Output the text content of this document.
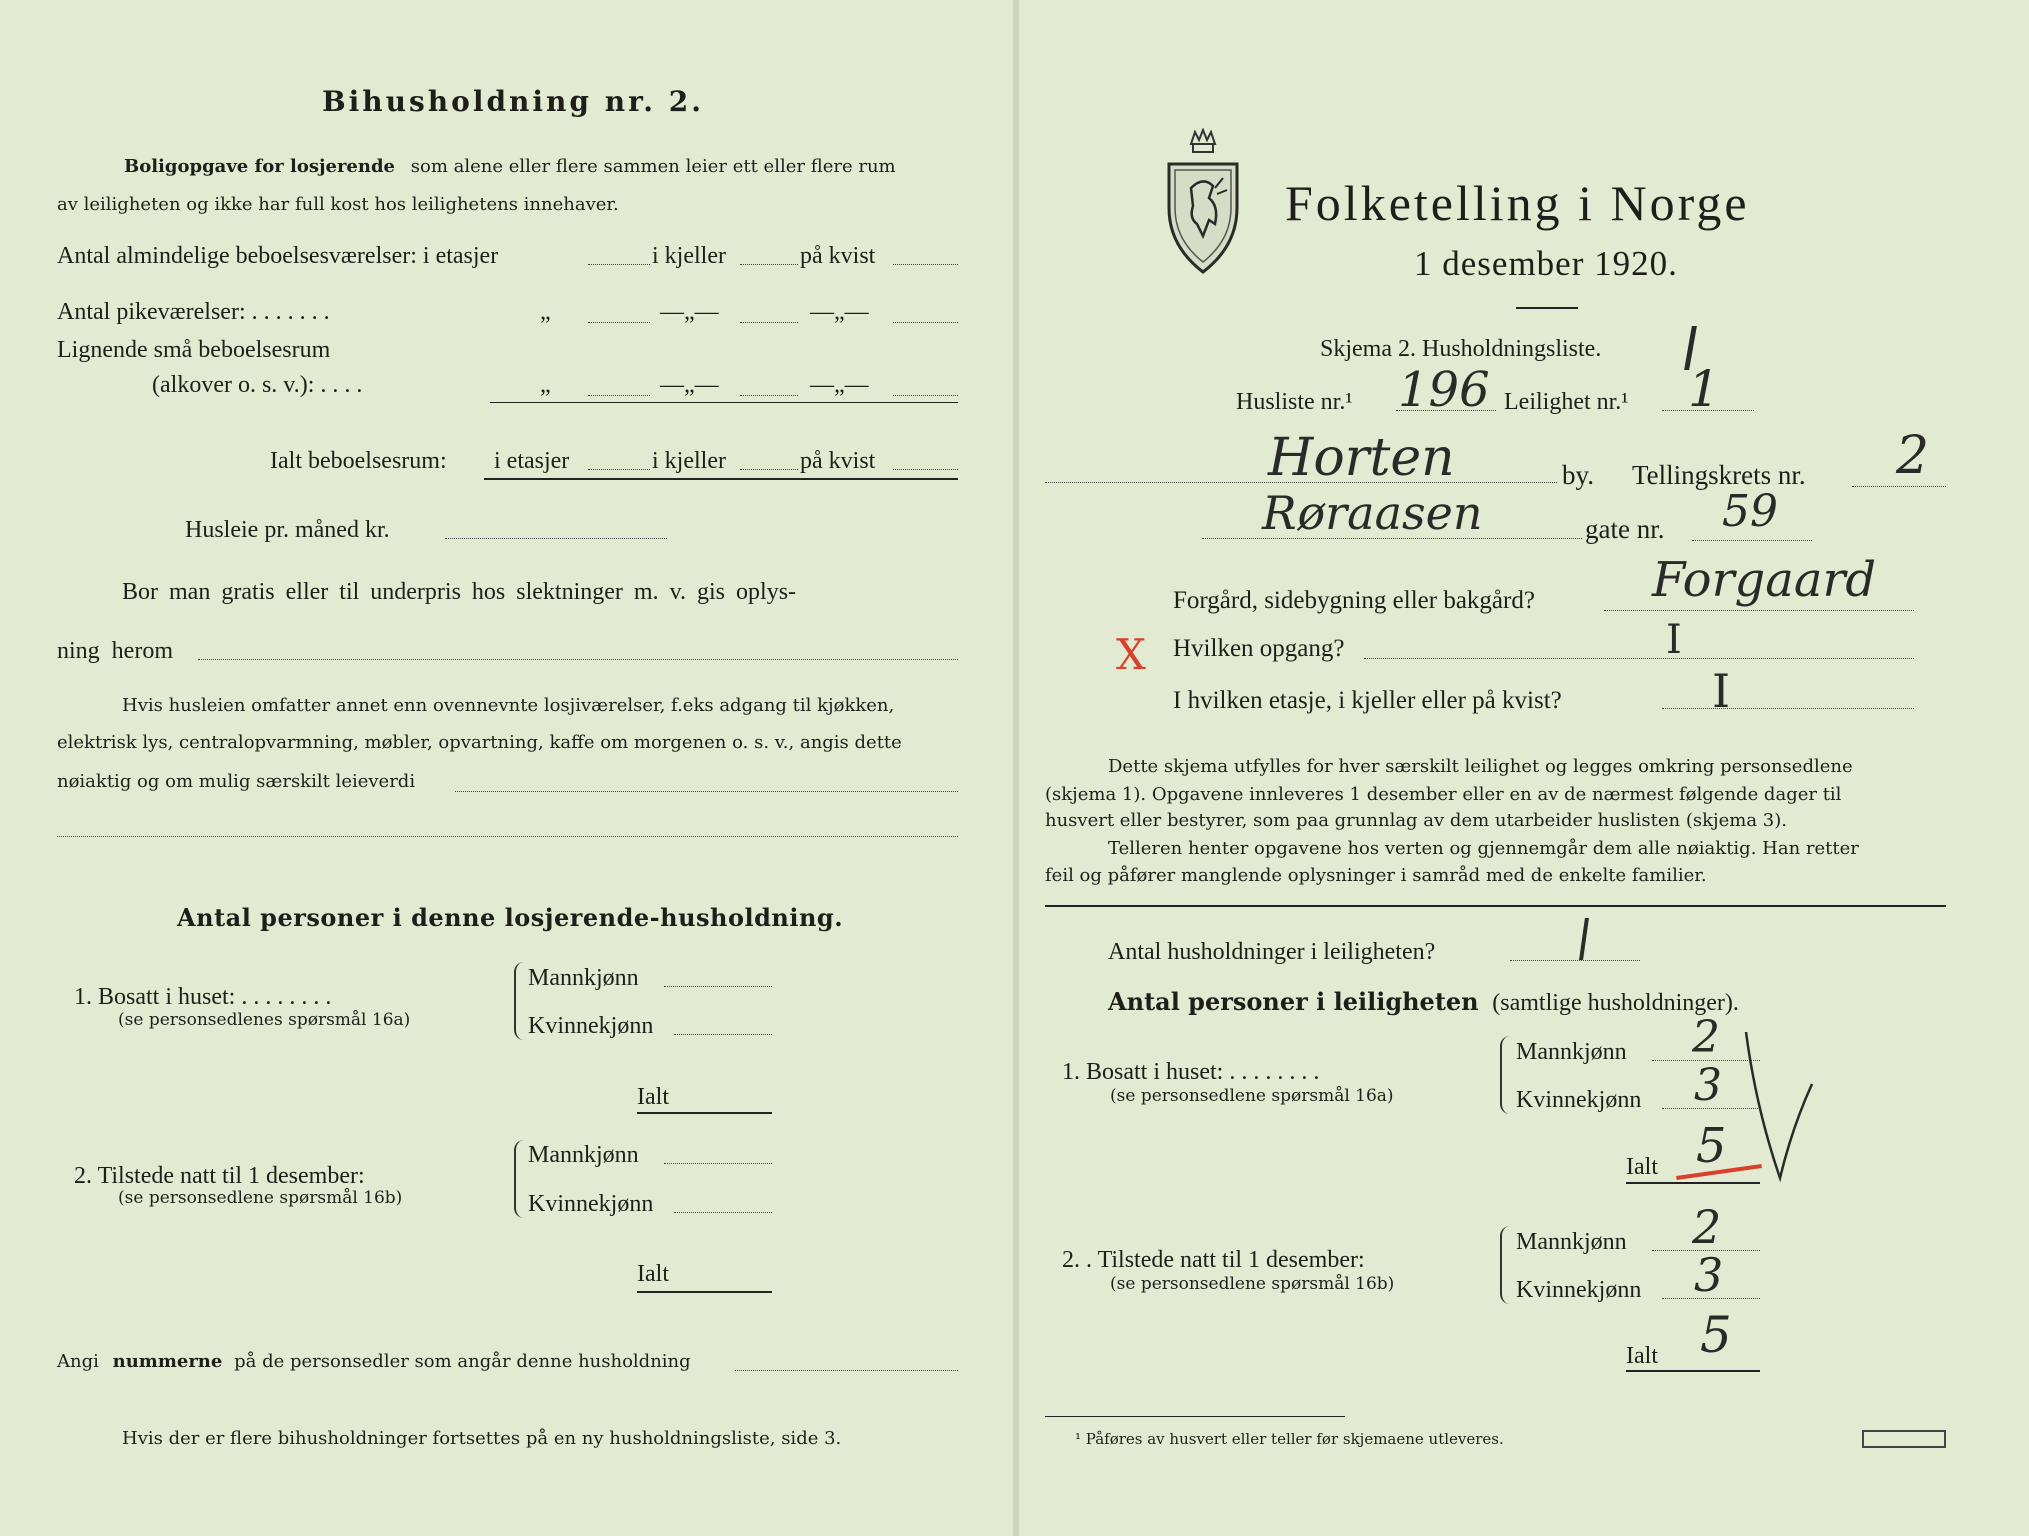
Bihusholdning nr. 2.
Boligopgave for losjerende som alene eller flere sammen leier ett eller flere rum
av leiligheten og ikke har full kost hos leilighetens innehaver.
Antal almindelige beboelsesværelser: i etasjer	i kjeller	på kvist
Antal pikeværelser: . . . . . . .	„	—„—	—„—
Lignende små beboelsesrum
(alkover o. s. v.): . . . .	„	—„—	—„—
Ialt beboelsesrum: i etasjer	i kjeller	på kvist
Husleie pr. måned kr.
Bor man gratis eller til underpris hos slektninger m. v. gis oplys-
ning herom
Hvis husleien omfatter annet enn ovennevnte losjiværelser, f.eks adgang til kjøkken,
elektrisk lys, centralopvarmning, møbler, opvartning, kaffe om morgenen o. s. v., angis dette
nøiaktig og om mulig særskilt leieverdi
Antal personer i denne losjerende-husholdning.
1. Bosatt i huset: . . . . . . . .
(se personsedlenes spørsmål 16a)
Mannkjønn
Kvinnekjønn
Ialt
2. Tilstede natt til 1 desember:
(se personsedlene spørsmål 16b)
Mannkjønn
Kvinnekjønn
Ialt
Angi nummerne på de personsedler som angår denne husholdning
Hvis der er flere bihusholdninger fortsettes på en ny husholdningsliste, side 3.
Folketelling i Norge
1 desember 1920.
Skjema 2. Husholdningsliste.
Husliste nr.¹ 196 Leilighet nr.¹ 1
Horten	by. Tellingskrets nr. 2
Røraasen	gate nr. 59
Forgård, sidebygning eller bakgård? Forgaard
X Hvilken opgang?	I
I hvilken etasje, i kjeller eller på kvist?	I
Dette skjema utfylles for hver særskilt leilighet og legges omkring personsedlene
(skjema 1). Opgavene innleveres 1 desember eller en av de nærmest følgende dager til
husvert eller bestyrer, som paa grunnlag av dem utarbeider huslisten (skjema 3).
Telleren henter opgavene hos verten og gjennemgår dem alle nøiaktig. Han retter
feil og påfører manglende oplysninger i samråd med de enkelte familier.
Antal husholdninger i leiligheten?
Antal personer i leiligheten (samtlige husholdninger).
1. Bosatt i huset: . . . . . . . .
(se personsedlene spørsmål 16a)
Mannkjønn 2
Kvinnekjønn 3
Ialt 5
2. . Tilstede natt til 1 desember:
(se personsedlene spørsmål 16b)
Mannkjønn 2
Kvinnekjønn 3
Ialt 5
¹ Påføres av husvert eller teller før skjemaene utleveres.
